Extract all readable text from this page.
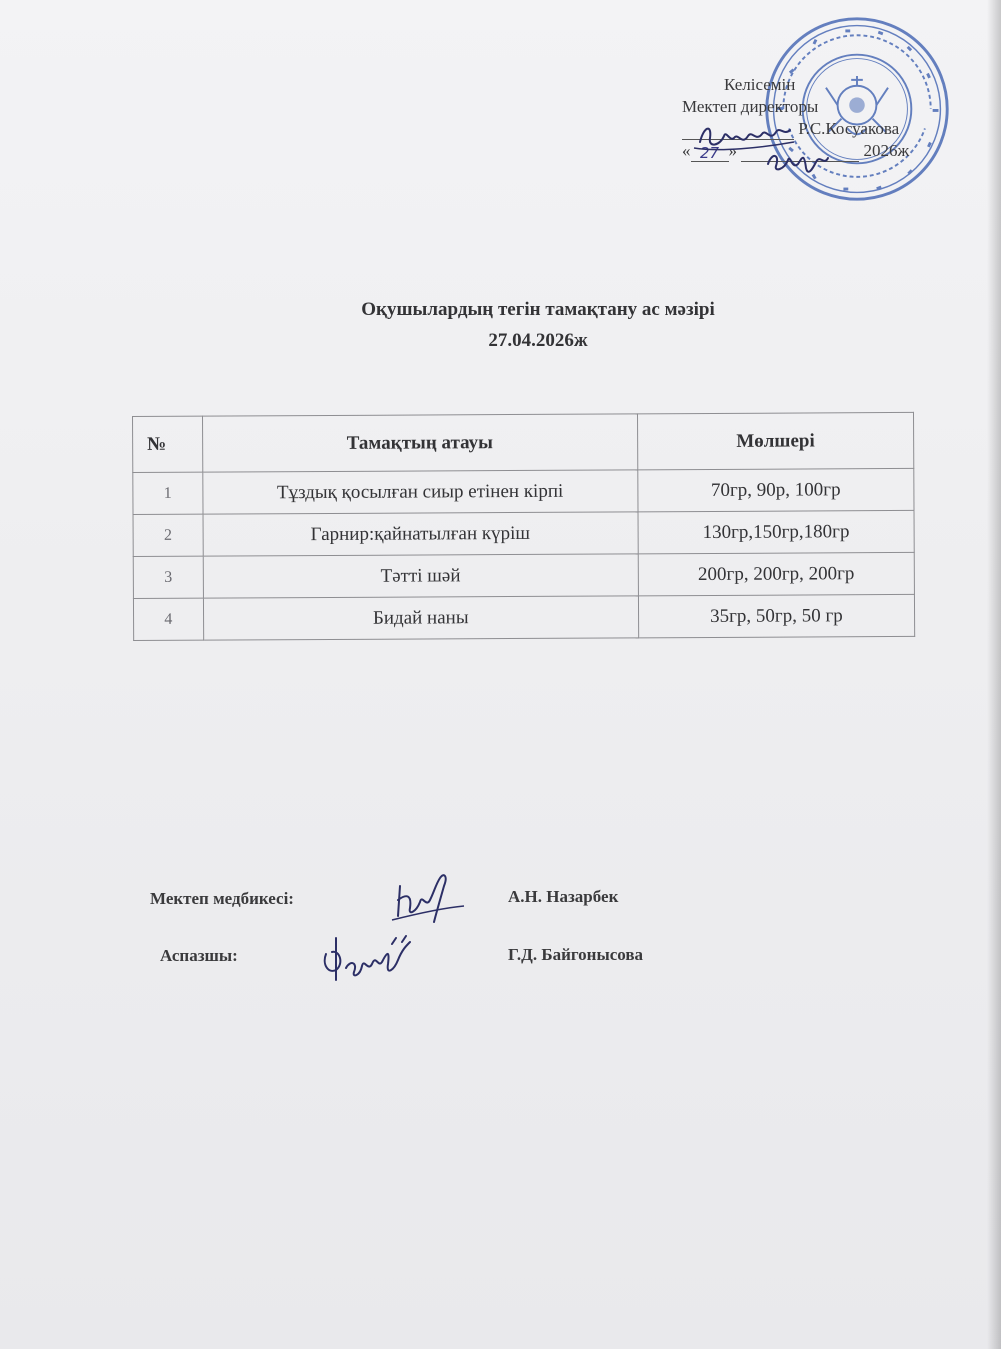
Келісемін
Мектеп директоры
Р.С.Косуакова
« 27 »	2026ж
Оқушылардың тегін тамақтану ас мәзірі
27.04.2026ж
№	Тамақтың атауы	Мөлшері
1	Тұздық қосылған сиыр етінен кірпі	70гр, 90р, 100гр
2	Гарнир:қайнатылған күріш	130гр,150гр,180гр
3	Тәтті шәй	200гр, 200гр, 200гр
4	Бидай наны	35гр, 50гр, 50 гр
Мектеп медбикесі:	А.Н. Назарбек
Аспазшы:	Г.Д. Байгонысова
